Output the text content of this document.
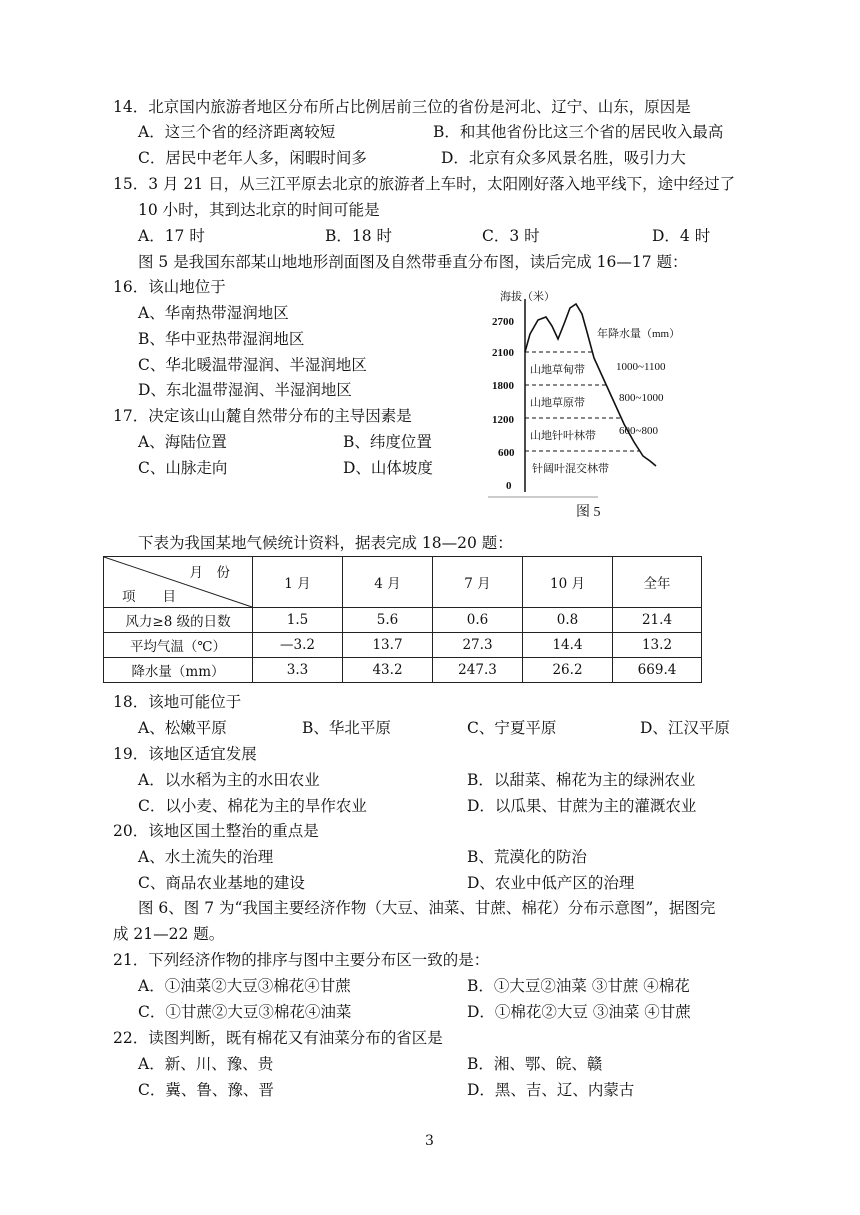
14．北京国内旅游者地区分布所占比例居前三位的省份是河北、辽宁、山东，原因是
A．这三个省的经济距离较短	B．和其他省份比这三个省的居民收入最高
C．居民中老年人多，闲暇时间多	D．北京有众多风景名胜，吸引力大
15．3 月 21 日，从三江平原去北京的旅游者上车时，太阳刚好落入地平线下，途中经过了
10 小时，其到达北京的时间可能是
A．17 时	B．18 时	C．3 时	D．4 时
图 5 是我国东部某山地地形剖面图及自然带垂直分布图，读后完成 16—17 题：
16．该山地位于
A、华南热带湿润地区
B、华中亚热带湿润地区
C、华北暖温带湿润、半湿润地区
D、东北温带湿润、半湿润地区
17．决定该山山麓自然带分布的主导因素是
A、海陆位置	B、纬度位置
C、山脉走向	D、山体坡度
海拔（米）
2700
2100
1800
1200
600
0
年降水量（mm）
1000~1100
800~1000
600~800
山地草甸带
山地草原带
山地针叶林带
针阔叶混交林带
图 5
下表为我国某地气候统计资料，据表完成 18—20 题：
月　份
项　　目	1 月	4 月	7 月	10 月	全年
风力≥8 级的日数	1.5	5.6	0.6	0.8	21.4
平均气温（℃）	—3.2	13.7	27.3	14.4	13.2
降水量（mm）	3.3	43.2	247.3	26.2	669.4
18．该地可能位于
A、松嫩平原	B、华北平原	C、宁夏平原	D、江汉平原
19．该地区适宜发展
A．以水稻为主的水田农业	B．以甜菜、棉花为主的绿洲农业
C．以小麦、棉花为主的旱作农业	D．以瓜果、甘蔗为主的灌溉农业
20．该地区国土整治的重点是
A、水土流失的治理	B、荒漠化的防治
C、商品农业基地的建设	D、农业中低产区的治理
图 6、图 7 为“我国主要经济作物（大豆、油菜、甘蔗、棉花）分布示意图”，据图完
成 21—22 题。
21．下列经济作物的排序与图中主要分布区一致的是：
A．①油菜②大豆③棉花④甘蔗	B．①大豆②油菜 ③甘蔗 ④棉花
C．①甘蔗②大豆③棉花④油菜	D．①棉花②大豆 ③油菜 ④甘蔗
22．读图判断，既有棉花又有油菜分布的省区是
A．新、川、豫、贵	B．湘、鄂、皖、赣
C．冀、鲁、豫、晋	D．黑、吉、辽、内蒙古
3
